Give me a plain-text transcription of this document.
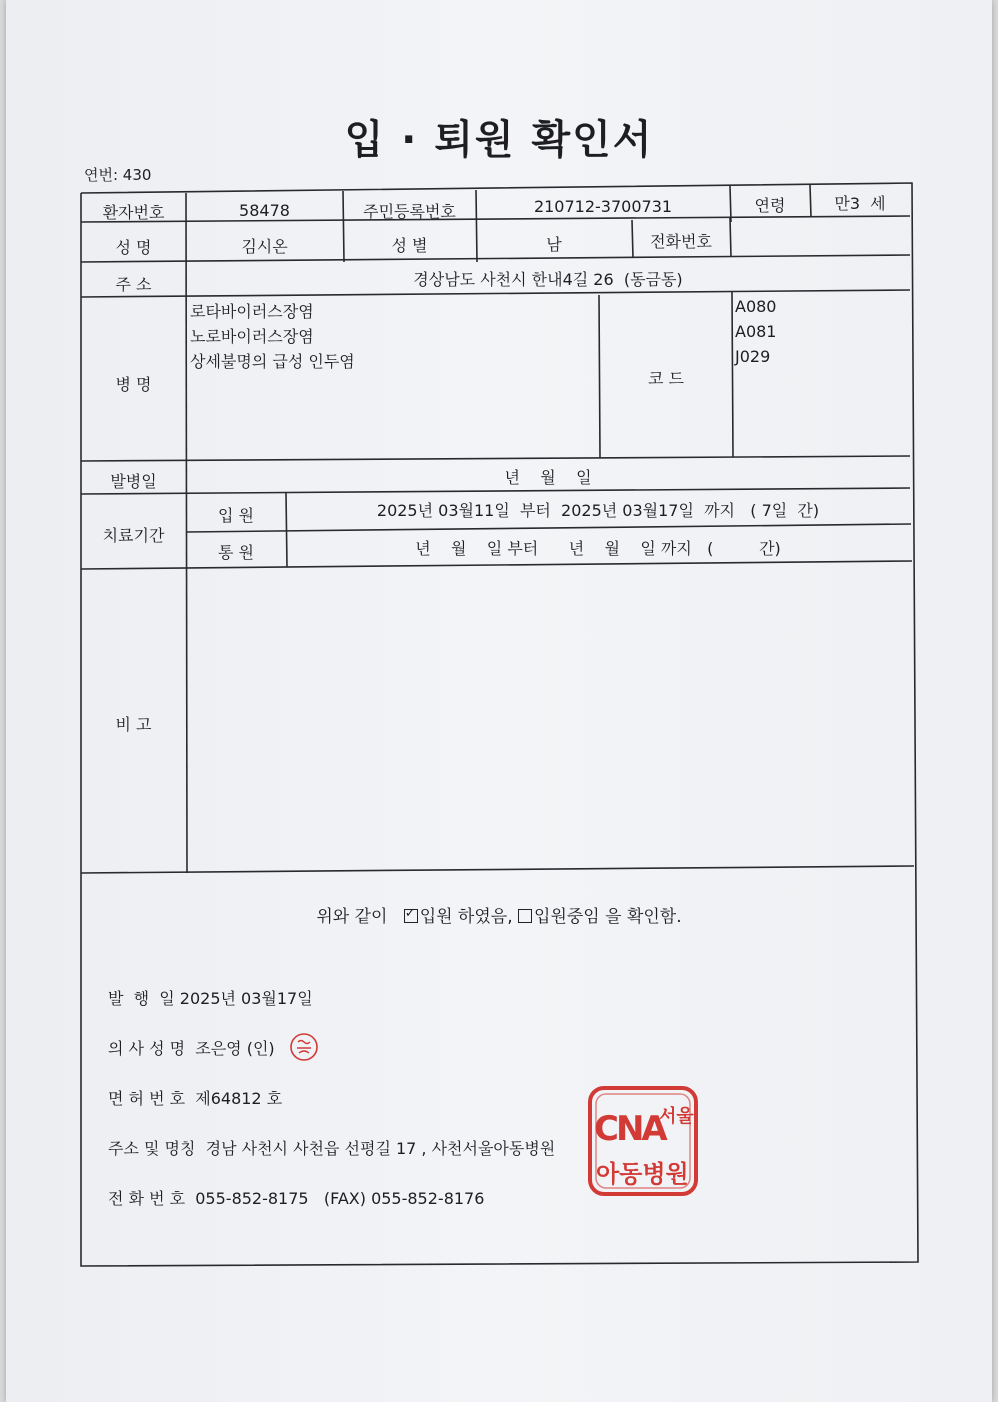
입 · 퇴원 확인서
연번: 430
환자번호	58478	주민등록번호	210712-3700731	연령	만3  세
성 명	김시온	성 별	남	전화번호
주 소	경상남도 사천시 한내4길 26  (동금동)
병 명
로타바이러스장염
노로바이러스장염
상세불명의 급성 인두염
코 드
A080
A081
J029
발병일	년    월    일
치료기간
입 원	2025년 03월11일  부터  2025년 03월17일  까지   ( 7일  간)
통 원	년    월    일 부터      년    월    일 까지   (         간)
비 고
위와 같이   ✓ 입원 하였음, 입원중임 을 확인함.
발  행  일 2025년 03월17일
의 사 성 명  조은영 (인)
면 허 번 호  제64812 호
주소 및 명칭  경남 사천시 사천읍 선평길 17 , 사천서울아동병원
전 화 번 호  055-852-8175   (FAX) 055-852-8176
CNA
서울
아동병원
